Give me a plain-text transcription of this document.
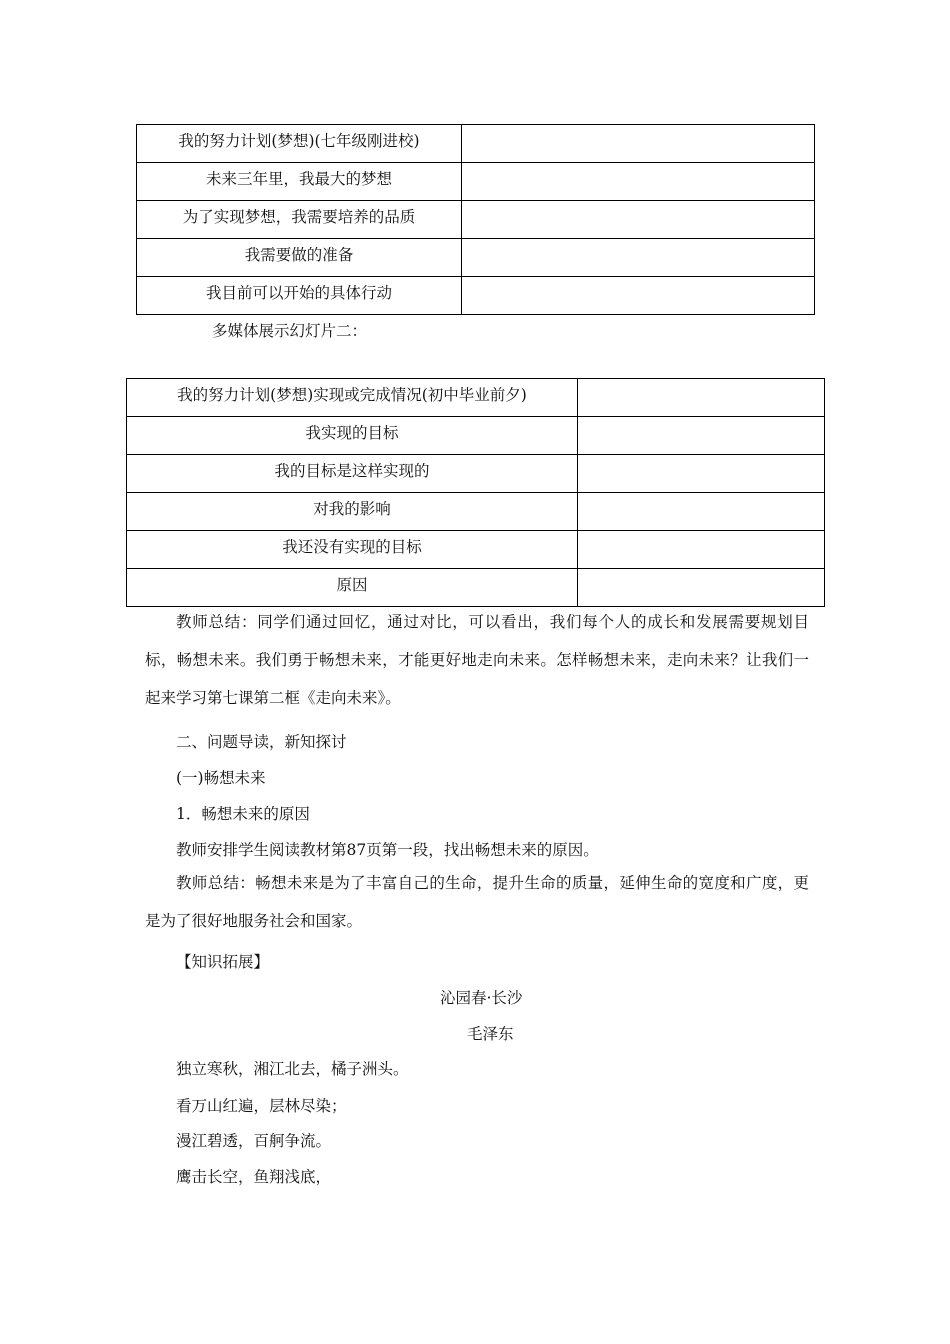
我的努力计划(梦想)(七年级刚进校)	
未来三年里，我最大的梦想	
为了实现梦想，我需要培养的品质	
我需要做的准备	
我目前可以开始的具体行动	
多媒体展示幻灯片二：
我的努力计划(梦想)实现或完成情况(初中毕业前夕)	
我实现的目标	
我的目标是这样实现的	
对我的影响	
我还没有实现的目标	
原因	
教师总结：同学们通过回忆，通过对比，可以看出，我们每个人的成长和发展需要规划目标，畅想未来。我们勇于畅想未来，才能更好地走向未来。怎样畅想未来，走向未来？让我们一起来学习第七课第二框《走向未来》。
二、问题导读，新知探讨
(一)畅想未来
1．畅想未来的原因
教师安排学生阅读教材第87页第一段，找出畅想未来的原因。
教师总结：畅想未来是为了丰富自己的生命，提升生命的质量，延伸生命的宽度和广度，更是为了很好地服务社会和国家。
【知识拓展】
沁园春·长沙
毛泽东
独立寒秋，湘江北去，橘子洲头。
看万山红遍，层林尽染；
漫江碧透，百舸争流。
鹰击长空，鱼翔浅底，
